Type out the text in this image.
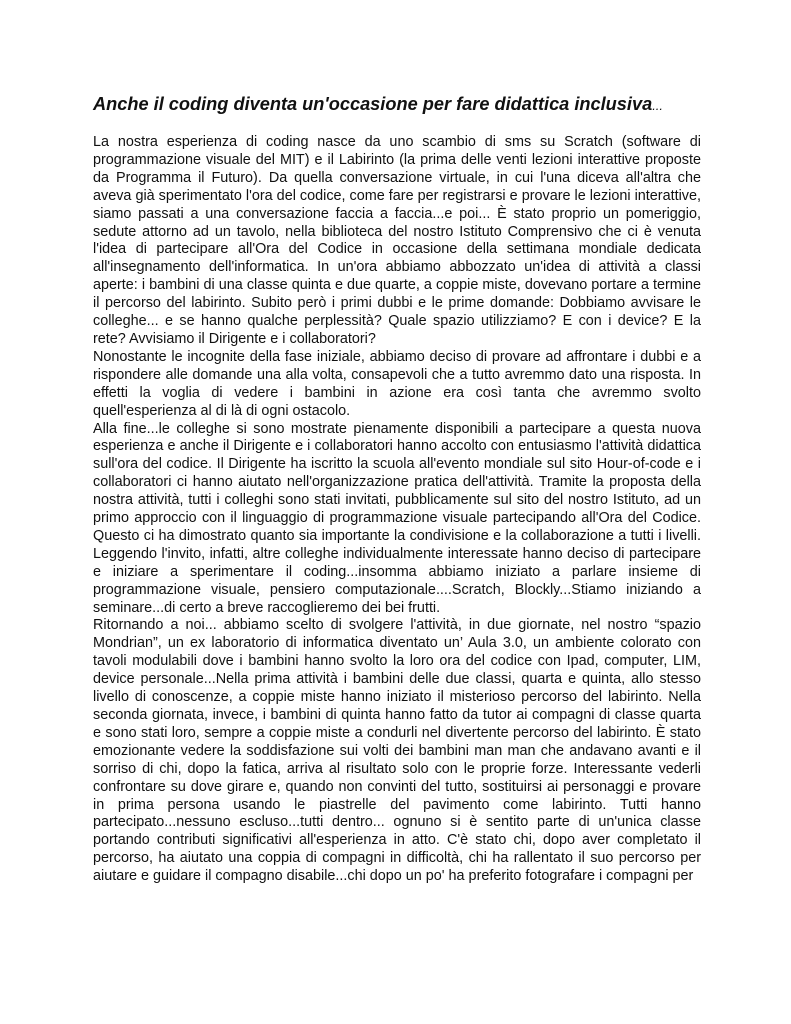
Anche il coding diventa un'occasione per fare didattica inclusiva...

La nostra esperienza di coding nasce da uno scambio di sms su Scratch (software di programmazione visuale del MIT) e il Labirinto (la prima delle venti lezioni interattive proposte da Programma il Futuro). Da quella conversazione virtuale, in cui l'una diceva all'altra che aveva già sperimentato l'ora del codice, come fare per registrarsi e provare le lezioni interattive, siamo passati a una conversazione faccia a faccia...e poi... È stato proprio un pomeriggio, sedute attorno ad un tavolo, nella biblioteca del nostro Istituto Comprensivo che ci è venuta l'idea di partecipare all'Ora del Codice in occasione della settimana mondiale dedicata all'insegnamento dell'informatica. In un'ora abbiamo abbozzato un'idea di attività a classi aperte: i bambini di una classe quinta e due quarte, a coppie miste, dovevano portare a termine il percorso del labirinto. Subito però i primi dubbi e le prime domande: Dobbiamo avvisare le colleghe... e se hanno qualche perplessità? Quale spazio utilizziamo? E con i device? E la rete? Avvisiamo il Dirigente e i collaboratori?

Nonostante le incognite della fase iniziale, abbiamo deciso di provare ad affrontare i dubbi e a rispondere alle domande una alla volta, consapevoli che a tutto avremmo dato una risposta. In effetti la voglia di vedere i bambini in azione era così tanta che avremmo svolto quell'esperienza al di là di ogni ostacolo.

Alla fine...le colleghe si sono mostrate pienamente disponibili a partecipare a questa nuova esperienza e anche il Dirigente e i collaboratori hanno accolto con entusiasmo l'attività didattica sull'ora del codice. Il Dirigente ha iscritto la scuola all'evento mondiale sul sito Hour-of-code e i collaboratori ci hanno aiutato nell'organizzazione pratica dell'attività. Tramite la proposta della nostra attività, tutti i colleghi sono stati invitati, pubblicamente sul sito del nostro Istituto, ad un primo approccio con il linguaggio di programmazione visuale partecipando all'Ora del Codice. Questo ci ha dimostrato quanto sia importante la condivisione e la collaborazione a tutti i livelli. Leggendo l'invito, infatti, altre colleghe individualmente interessate hanno deciso di partecipare e iniziare a sperimentare il coding...insomma abbiamo iniziato a parlare insieme di programmazione visuale, pensiero computazionale....Scratch, Blockly...Stiamo iniziando a seminare...di certo a breve raccoglieremo dei bei frutti.

Ritornando a noi... abbiamo scelto di svolgere l'attività, in due giornate, nel nostro “spazio Mondrian”, un ex laboratorio di informatica diventato un’ Aula 3.0, un ambiente colorato con tavoli modulabili dove i bambini hanno svolto la loro ora del codice con Ipad, computer, LIM, device personale...Nella prima attività i bambini delle due classi, quarta e quinta, allo stesso livello di conoscenze, a coppie miste hanno iniziato il misterioso percorso del labirinto. Nella seconda giornata, invece, i bambini di quinta hanno fatto da tutor ai compagni di classe quarta e sono stati loro, sempre a coppie miste a condurli nel divertente percorso del labirinto. È stato emozionante vedere la soddisfazione sui volti dei bambini man man che andavano avanti e il sorriso di chi, dopo la fatica, arriva al risultato solo con le proprie forze. Interessante vederli confrontare su dove girare e, quando non convinti del tutto, sostituirsi ai personaggi e provare in prima persona usando le piastrelle del pavimento come labirinto. Tutti hanno partecipato...nessuno escluso...tutti dentro... ognuno si è sentito parte di un'unica classe portando contributi significativi all'esperienza in atto. C'è stato chi, dopo aver completato il percorso, ha aiutato una coppia di compagni in difficoltà, chi ha rallentato il suo percorso per aiutare e guidare il compagno disabile...chi dopo un po' ha preferito fotografare i compagni per
